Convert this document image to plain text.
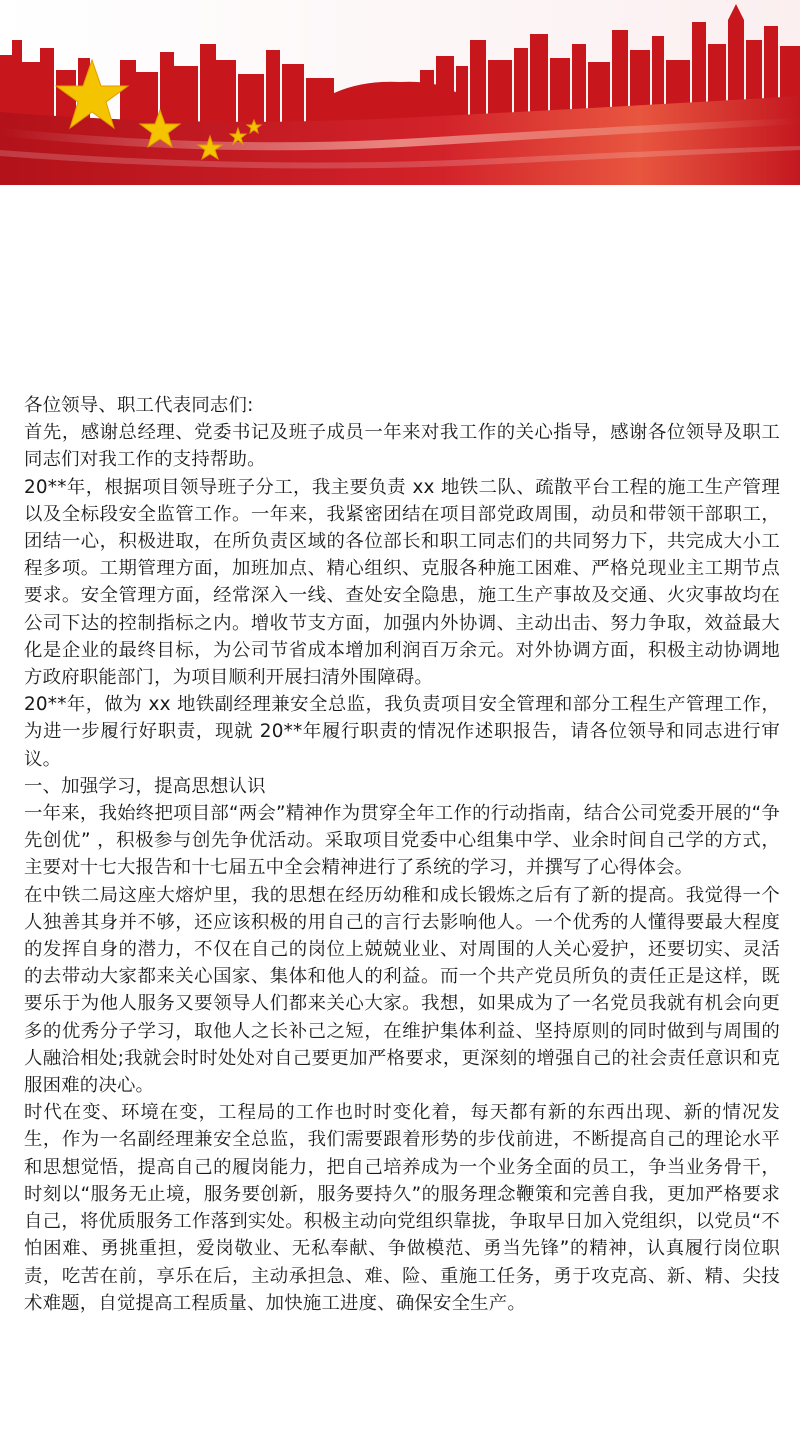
各位领导、职工代表同志们:

首先，感谢总经理、党委书记及班子成员一年来对我工作的关心指导，感谢各位领导及职工同志们对我工作的支持帮助。

20**年，根据项目领导班子分工，我主要负责 xx 地铁二队、疏散平台工程的施工生产管理以及全标段安全监管工作。一年来，我紧密团结在项目部党政周围，动员和带领干部职工，团结一心，积极进取，在所负责区域的各位部长和职工同志们的共同努力下，共完成大小工程多项。工期管理方面，加班加点、精心组织、克服各种施工困难、严格兑现业主工期节点要求。安全管理方面，经常深入一线、查处安全隐患，施工生产事故及交通、火灾事故均在公司下达的控制指标之内。增收节支方面，加强内外协调、主动出击、努力争取，效益最大化是企业的最终目标，为公司节省成本增加利润百万余元。对外协调方面，积极主动协调地方政府职能部门，为项目顺利开展扫清外围障碍。

20**年，做为 xx 地铁副经理兼安全总监，我负责项目安全管理和部分工程生产管理工作，为进一步履行好职责，现就 20**年履行职责的情况作述职报告，请各位领导和同志进行审议。

一、加强学习，提高思想认识

一年来，我始终把项目部“两会”精神作为贯穿全年工作的行动指南，结合公司党委开展的“争先创优” ，积极参与创先争优活动。采取项目党委中心组集中学、业余时间自己学的方式，主要对十七大报告和十七届五中全会精神进行了系统的学习，并撰写了心得体会。

在中铁二局这座大熔炉里，我的思想在经历幼稚和成长锻炼之后有了新的提高。我觉得一个人独善其身并不够，还应该积极的用自己的言行去影响他人。一个优秀的人懂得要最大程度的发挥自身的潜力，不仅在自己的岗位上兢兢业业、对周围的人关心爱护，还要切实、灵活的去带动大家都来关心国家、集体和他人的利益。而一个共产党员所负的责任正是这样，既要乐于为他人服务又要领导人们都来关心大家。我想，如果成为了一名党员我就有机会向更多的优秀分子学习，取他人之长补己之短，在维护集体利益、坚持原则的同时做到与周围的人融洽相处;我就会时时处处对自己要更加严格要求，更深刻的增强自己的社会责任意识和克服困难的决心。

时代在变、环境在变，工程局的工作也时时变化着，每天都有新的东西出现、新的情况发生，作为一名副经理兼安全总监，我们需要跟着形势的步伐前进，不断提高自己的理论水平和思想觉悟，提高自己的履岗能力，把自己培养成为一个业务全面的员工，争当业务骨干，时刻以“服务无止境，服务要创新，服务要持久”的服务理念鞭策和完善自我，更加严格要求自己，将优质服务工作落到实处。积极主动向党组织靠拢，争取早日加入党组织，以党员“不怕困难、勇挑重担，爱岗敬业、无私奉献、争做模范、勇当先锋”的精神，认真履行岗位职责，吃苦在前，享乐在后，主动承担急、难、险、重施工任务，勇于攻克高、新、精、尖技术难题，自觉提高工程质量、加快施工进度、确保安全生产。
